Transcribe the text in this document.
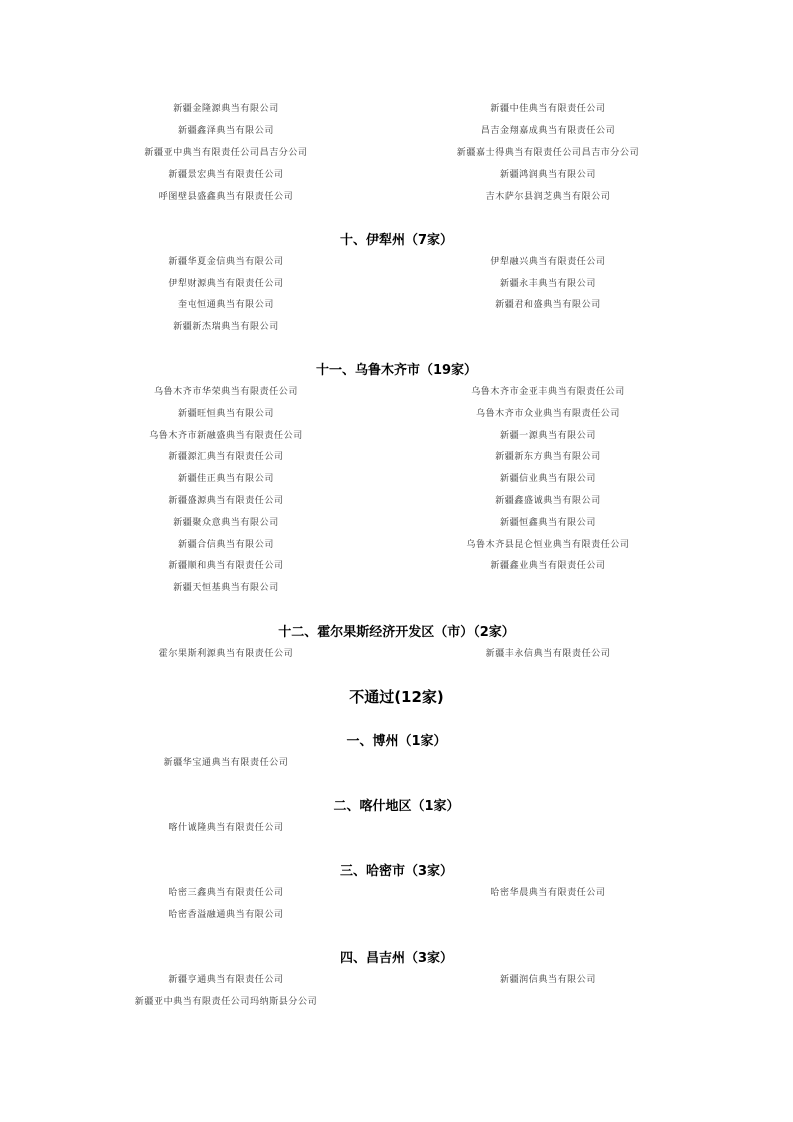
新疆金隆源典当有限公司	新疆中佳典当有限责任公司
新疆鑫泽典当有限公司	昌吉金翔嘉成典当有限责任公司
新疆亚中典当有限责任公司昌吉分公司	新疆嘉士得典当有限责任公司昌吉市分公司
新疆景宏典当有限责任公司	新疆鸿润典当有限公司
呼图壁县盛鑫典当有限责任公司	吉木萨尔县润芝典当有限公司
十、伊犁州（7家）
新疆华夏金信典当有限公司	伊犁融兴典当有限责任公司
伊犁财源典当有限责任公司	新疆永丰典当有限公司
奎屯恒通典当有限公司	新疆君和盛典当有限公司
新疆新杰瑞典当有限公司
十一、乌鲁木齐市（19家）
乌鲁木齐市华荣典当有限责任公司	乌鲁木齐市金亚丰典当有限责任公司
新疆旺恒典当有限公司	乌鲁木齐市众业典当有限责任公司
乌鲁木齐市新融盛典当有限责任公司	新疆一源典当有限公司
新疆源汇典当有限责任公司	新疆新东方典当有限公司
新疆佳正典当有限公司	新疆信业典当有限公司
新疆盛源典当有限责任公司	新疆鑫盛诚典当有限公司
新疆聚众意典当有限公司	新疆恒鑫典当有限公司
新疆合信典当有限公司	乌鲁木齐县昆仑恒业典当有限责任公司
新疆顺和典当有限责任公司	新疆鑫业典当有限责任公司
新疆天恒基典当有限公司
十二、霍尔果斯经济开发区（市）（2家）
霍尔果斯利源典当有限责任公司	新疆丰永信典当有限责任公司
不通过(12家)
一、博州（1家）
新疆华宝通典当有限责任公司
二、喀什地区（1家）
喀什诚隆典当有限责任公司
三、哈密市（3家）
哈密三鑫典当有限责任公司	哈密华晨典当有限责任公司
哈密香溢融通典当有限公司
四、昌吉州（3家）
新疆亨通典当有限责任公司	新疆润信典当有限公司
新疆亚中典当有限责任公司玛纳斯县分公司
